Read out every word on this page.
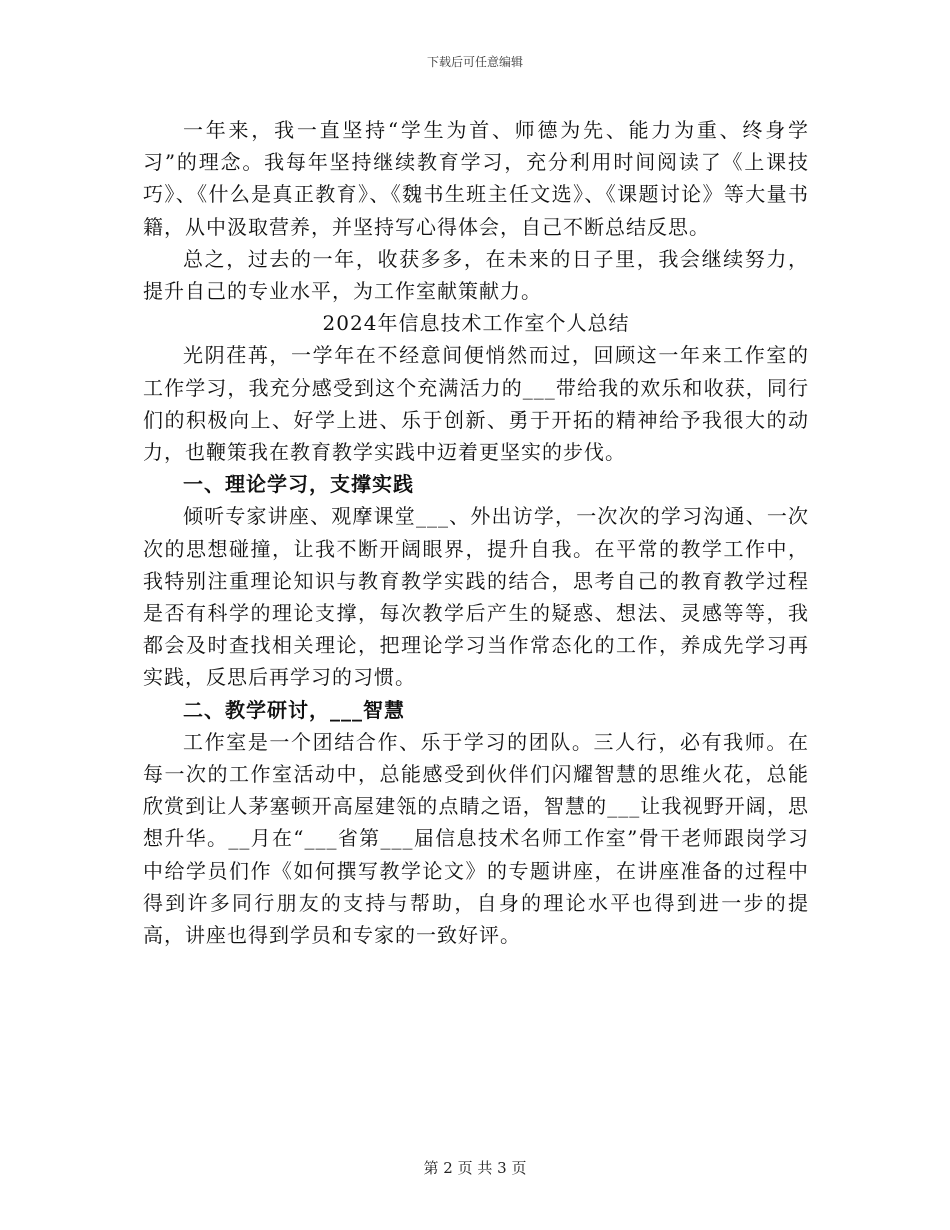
下载后可任意编辑

一年来，我一直坚持“学生为首、师德为先、能力为重、终身学习”的理念。我每年坚持继续教育学习，充分利用时间阅读了《上课技巧》、《什么是真正教育》、《魏书生班主任文选》、《课题讨论》等大量书籍，从中汲取营养，并坚持写心得体会，自己不断总结反思。

总之，过去的一年，收获多多，在未来的日子里，我会继续努力，提升自己的专业水平，为工作室献策献力。

2024年信息技术工作室个人总结

光阴荏苒，一学年在不经意间便悄然而过，回顾这一年来工作室的工作学习，我充分感受到这个充满活力的___带给我的欢乐和收获，同行们的积极向上、好学上进、乐于创新、勇于开拓的精神给予我很大的动力，也鞭策我在教育教学实践中迈着更坚实的步伐。

一、理论学习，支撑实践

倾听专家讲座、观摩课堂___、外出访学，一次次的学习沟通、一次次的思想碰撞，让我不断开阔眼界，提升自我。在平常的教学工作中，我特别注重理论知识与教育教学实践的结合，思考自己的教育教学过程是否有科学的理论支撑，每次教学后产生的疑惑、想法、灵感等等，我都会及时查找相关理论，把理论学习当作常态化的工作，养成先学习再实践，反思后再学习的习惯。

二、教学研讨，___智慧

工作室是一个团结合作、乐于学习的团队。三人行，必有我师。在每一次的工作室活动中，总能感受到伙伴们闪耀智慧的思维火花，总能欣赏到让人茅塞顿开高屋建瓴的点睛之语，智慧的___让我视野开阔，思想升华。__月在“___省第___届信息技术名师工作室”骨干老师跟岗学习中给学员们作《如何撰写教学论文》的专题讲座，在讲座准备的过程中得到许多同行朋友的支持与帮助，自身的理论水平也得到进一步的提高，讲座也得到学员和专家的一致好评。

第 2 页 共 3 页
